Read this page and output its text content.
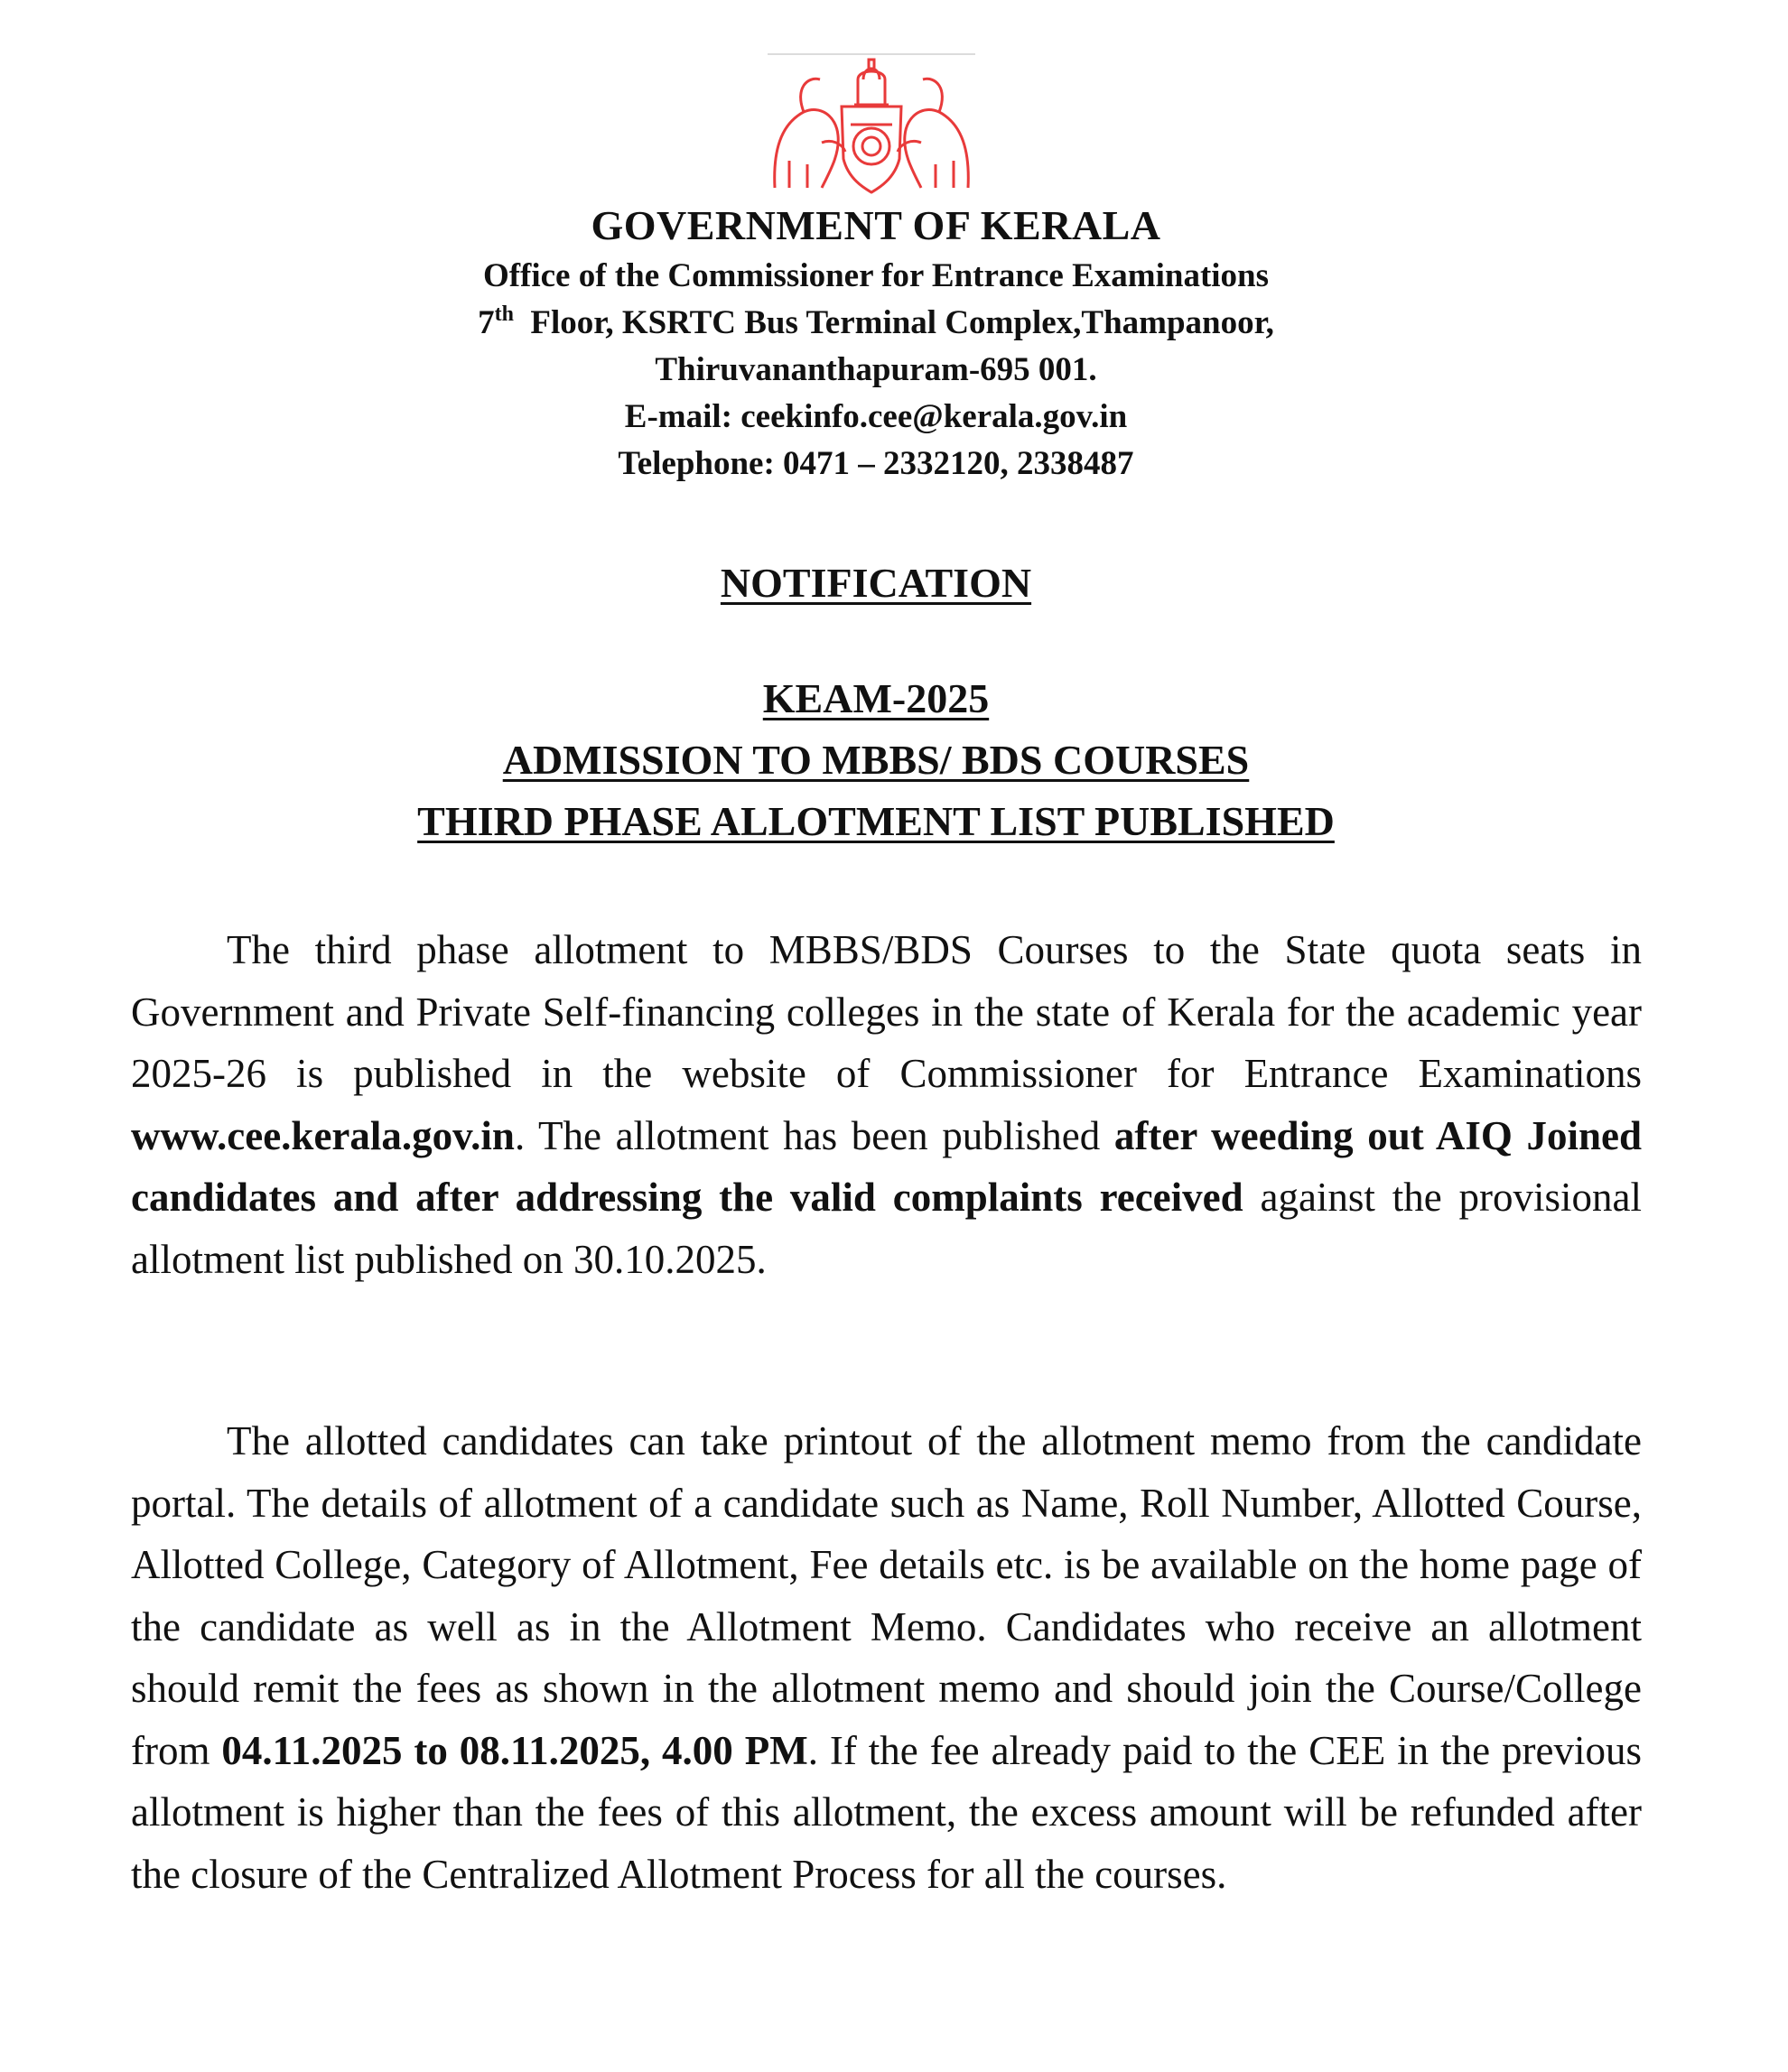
GOVERNMENT OF KERALA
Office of the Commissioner for Entrance Examinations
7th Floor, KSRTC Bus Terminal Complex,Thampanoor,
Thiruvananthapuram-695 001.
E-mail: ceekinfo.cee@kerala.gov.in
Telephone: 0471 – 2332120, 2338487
NOTIFICATION
KEAM-2025
ADMISSION TO MBBS/ BDS COURSES
THIRD PHASE ALLOTMENT LIST PUBLISHED

The third phase allotment to MBBS/BDS Courses to the State quota seats in Government and Private Self-financing colleges in the state of Kerala for the academic year 2025-26 is published in the website of Commissioner for Entrance Examinations www.cee.kerala.gov.in. The allotment has been published after weeding out AIQ Joined candidates and after addressing the valid complaints received against the provisional allotment list published on 30.10.2025.

The allotted candidates can take printout of the allotment memo from the candidate portal. The details of allotment of a candidate such as Name, Roll Number, Allotted Course, Allotted College, Category of Allotment, Fee details etc. is be available on the home page of the candidate as well as in the Allotment Memo. Candidates who receive an allotment should remit the fees as shown in the allotment memo and should join the Course/College from 04.11.2025 to 08.11.2025, 4.00 PM. If the fee already paid to the CEE in the previous allotment is higher than the fees of this allotment, the excess amount will be refunded after the closure of the Centralized Allotment Process for all the courses.
